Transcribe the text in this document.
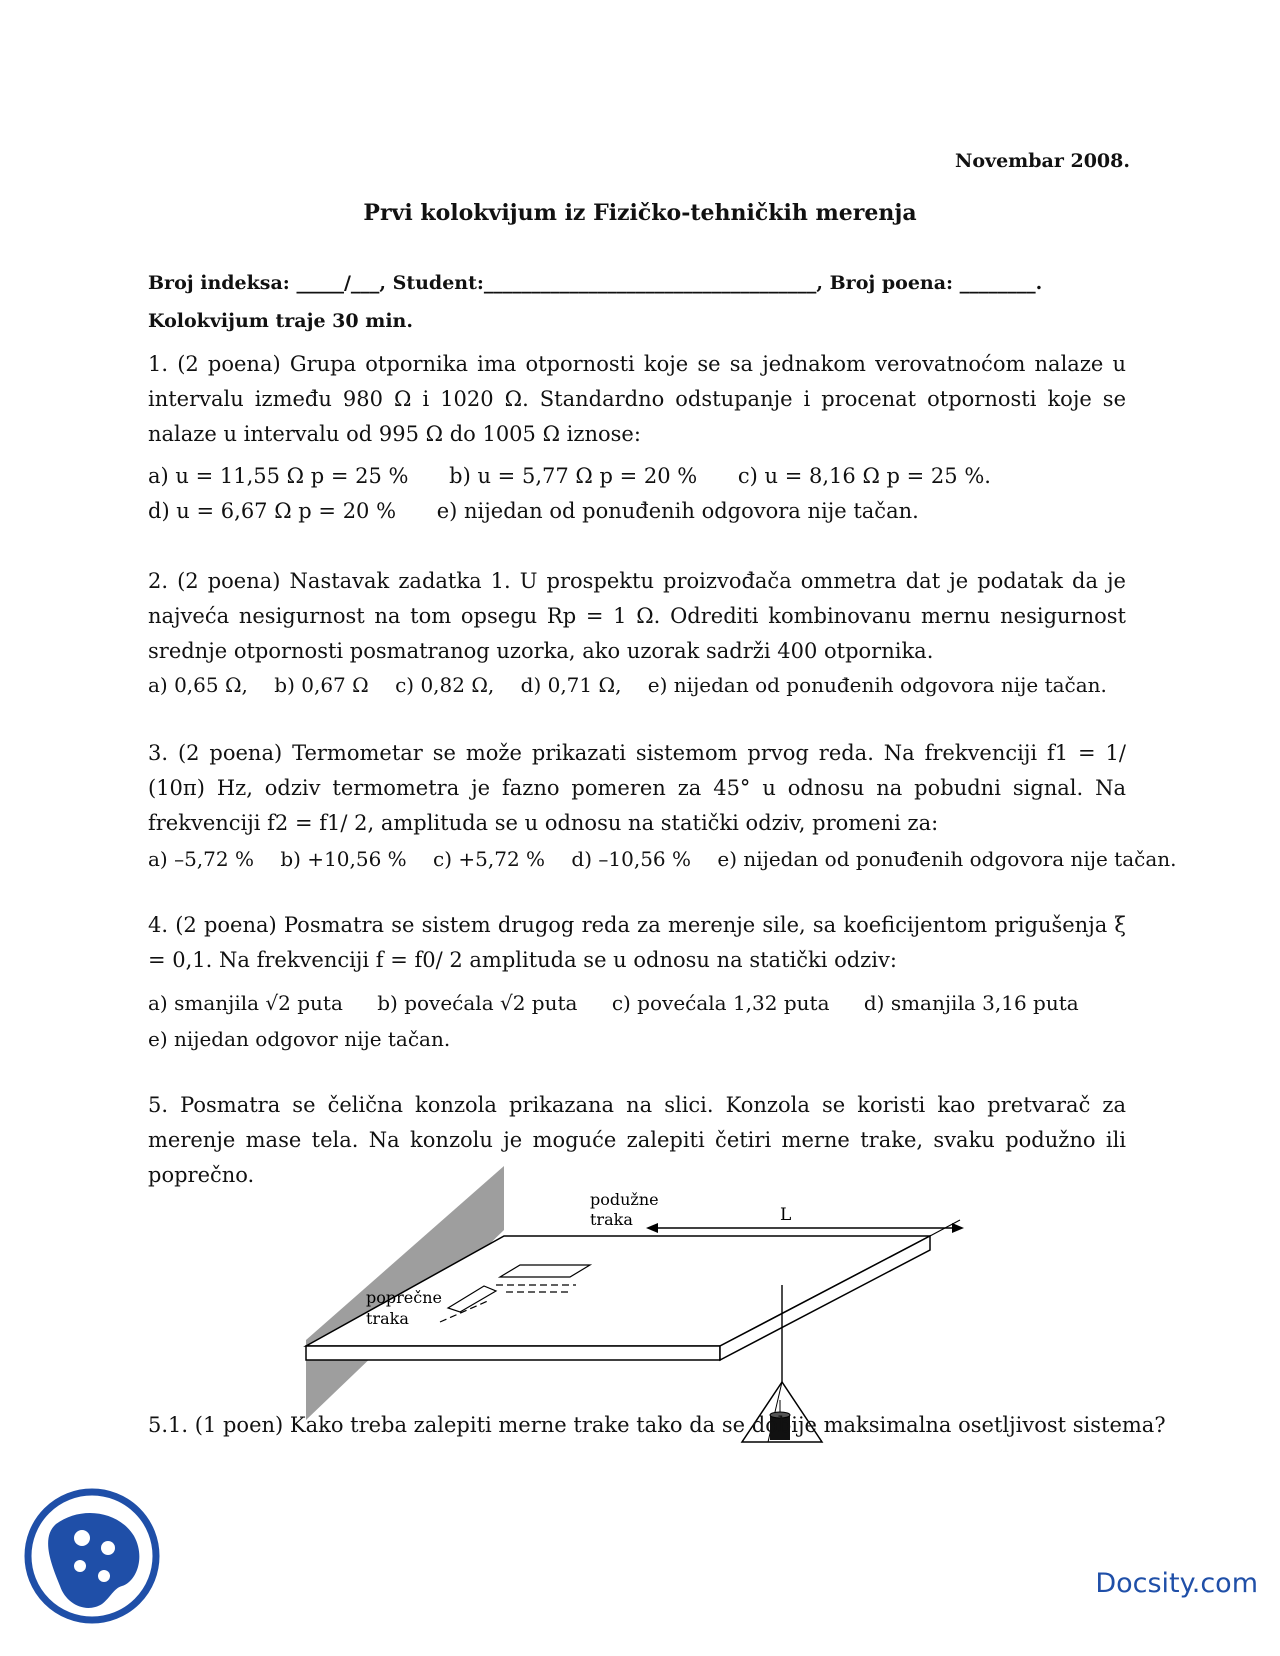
Novembar 2008.
Prvi kolokvijum iz Fizičko-tehničkih merenja
Broj indeksa: _____/___, Student:___________________________________, Broj poena: ________.
Kolokvijum traje 30 min.
1. (2 poena) Grupa otpornika ima otpornosti koje se sa jednakom verovatnoćom nalaze u intervalu između 980 Ω i 1020 Ω. Standardno odstupanje i procenat otpornosti koje se nalaze u intervalu od 995 Ω do 1005 Ω iznose:
a) u = 11,55 Ω p = 25 % b) u = 5,77 Ω p = 20 % c) u = 8,16 Ω p = 25 %.
d) u = 6,67 Ω p = 20 % e) nijedan od ponuđenih odgovora nije tačan.
2. (2 poena) Nastavak zadatka 1. U prospektu proizvođača ommetra dat je podatak da je najveća nesigurnost na tom opsegu Rp = 1 Ω. Odrediti kombinovanu mernu nesigurnost srednje otpornosti posmatranog uzorka, ako uzorak sadrži 400 otpornika.
a) 0,65 Ω, b) 0,67 Ω c) 0,82 Ω, d) 0,71 Ω, e) nijedan od ponuđenih odgovora nije tačan.
3. (2 poena) Termometar se može prikazati sistemom prvog reda. Na frekvenciji f1 = 1/ (10π) Hz, odziv termometra je fazno pomeren za 45° u odnosu na pobudni signal. Na frekvenciji f2 = f1/ 2, amplituda se u odnosu na statički odziv, promeni za:
a) –5,72 % b) +10,56 % c) +5,72 % d) –10,56 % e) nijedan od ponuđenih odgovora nije tačan.
4. (2 poena) Posmatra se sistem drugog reda za merenje sile, sa koeficijentom prigušenja ξ = 0,1. Na frekvenciji f = f0/ 2 amplituda se u odnosu na statički odziv:
a) smanjila √2 puta b) povećala √2 puta c) povećala 1,32 puta d) smanjila 3,16 puta
e) nijedan odgovor nije tačan.
5. Posmatra se čelična konzola prikazana na slici. Konzola se koristi kao pretvarač za merenje mase tela. Na konzolu je moguće zalepiti četiri merne trake, svaku podužno ili poprečno.
L
podužne
traka
poprečne
traka
5.1. (1 poen) Kako treba zalepiti merne trake tako da se dobije maksimalna osetljivost sistema?
Docsity.com
